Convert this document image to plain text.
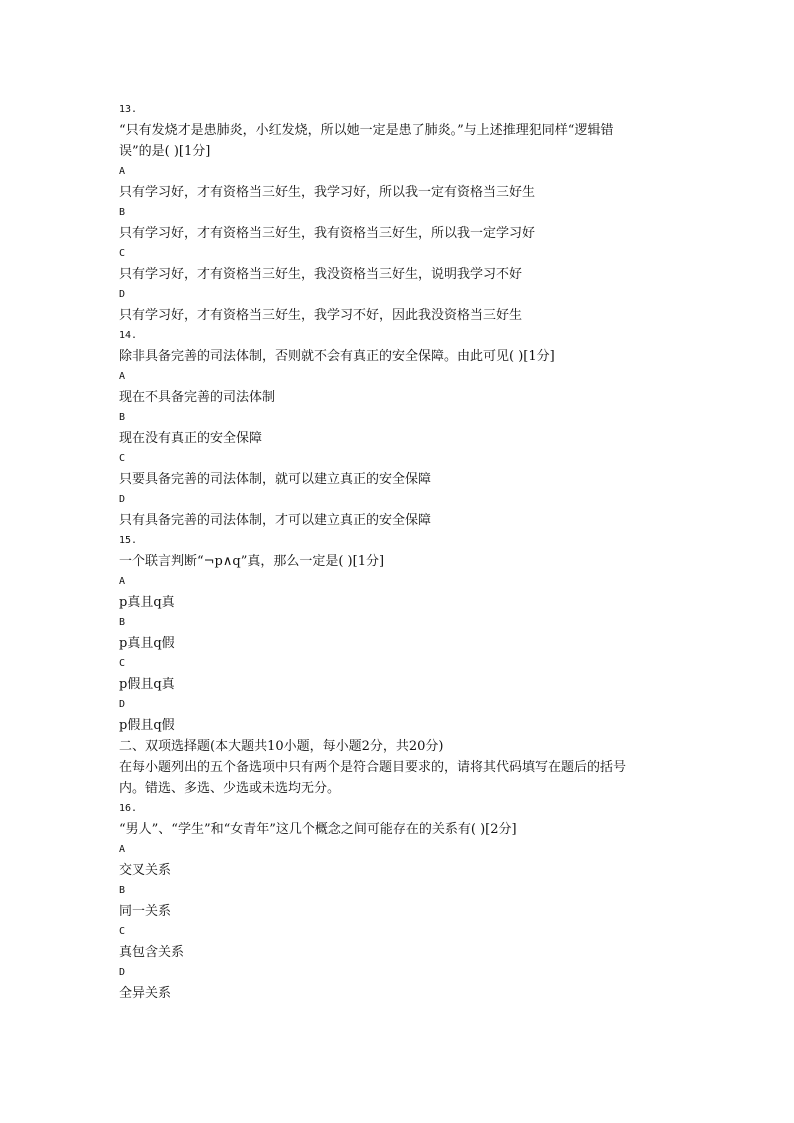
13.

“只有发烧才是患肺炎，小红发烧，所以她一定是患了肺炎。”与上述推理犯同样“逻辑错

误”的是( )[1分]

A

只有学习好，才有资格当三好生，我学习好，所以我一定有资格当三好生

B

只有学习好，才有资格当三好生，我有资格当三好生，所以我一定学习好

C

只有学习好，才有资格当三好生，我没资格当三好生，说明我学习不好

D

只有学习好，才有资格当三好生，我学习不好，因此我没资格当三好生

14.

除非具备完善的司法体制，否则就不会有真正的安全保障。由此可见( )[1分]

A

现在不具备完善的司法体制

B

现在没有真正的安全保障

C

只要具备完善的司法体制，就可以建立真正的安全保障

D

只有具备完善的司法体制，才可以建立真正的安全保障

15.

一个联言判断“¬p∧q”真，那么一定是( )[1分]

A

p真且q真

B

p真且q假

C

p假且q真

D

p假且q假

二、双项选择题(本大题共10小题，每小题2分，共20分)

在每小题列出的五个备选项中只有两个是符合题目要求的，请将其代码填写在题后的括号

内。错选、多选、少选或未选均无分。

16.

“男人”、“学生”和“女青年”这几个概念之间可能存在的关系有( )[2分]

A

交叉关系

B

同一关系

C

真包含关系

D

全异关系
